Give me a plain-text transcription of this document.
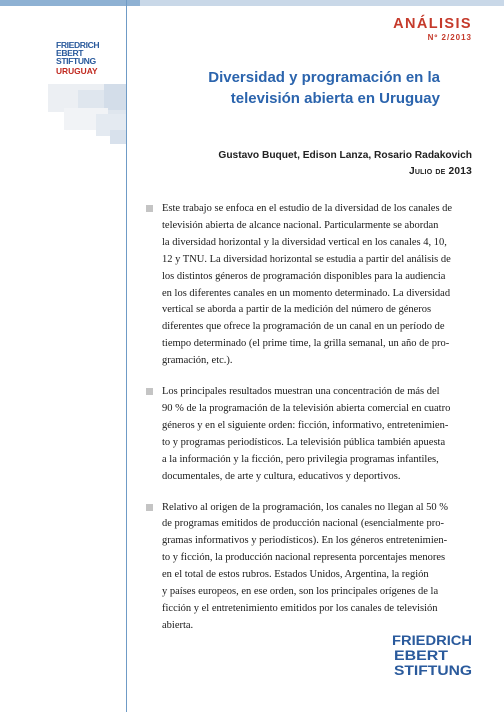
FRIEDRICH
EBERT
STIFTUNG
URUGUAY
ANÁLISIS
Nº 2/2013
Diversidad y programación en la
televisión abierta en Uruguay
Gustavo Buquet, Edison Lanza, Rosario Radakovich
Julio de 2013
Este trabajo se enfoca en el estudio de la diversidad de los canales de
televisión abierta de alcance nacional. Particularmente se abordan
la diversidad horizontal y la diversidad vertical en los canales 4, 10,
12 y TNU. La diversidad horizontal se estudia a partir del análisis de
los distintos géneros de programación disponibles para la audiencia
en los diferentes canales en un momento determinado. La diversidad
vertical se aborda a partir de la medición del número de géneros
diferentes que ofrece la programación de un canal en un período de
tiempo determinado (el prime time, la grilla semanal, un año de pro-
gramación, etc.).
Los principales resultados muestran una concentración de más del
90 % de la programación de la televisión abierta comercial en cuatro
géneros y en el siguiente orden: ficción, informativo, entretenimien-
to y programas periodísticos. La televisión pública también apuesta
a la información y la ficción, pero privilegia programas infantiles,
documentales, de arte y cultura, educativos y deportivos.
Relativo al origen de la programación, los canales no llegan al 50 %
de programas emitidos de producción nacional (esencialmente pro-
gramas informativos y periodísticos). En los géneros entretenimien-
to y ficción, la producción nacional representa porcentajes menores
en el total de estos rubros. Estados Unidos, Argentina, la región
y países europeos, en ese orden, son los principales orígenes de la
ficción y el entretenimiento emitidos por los canales de televisión
abierta.
FRIEDRICH
EBERT
STIFTUNG
